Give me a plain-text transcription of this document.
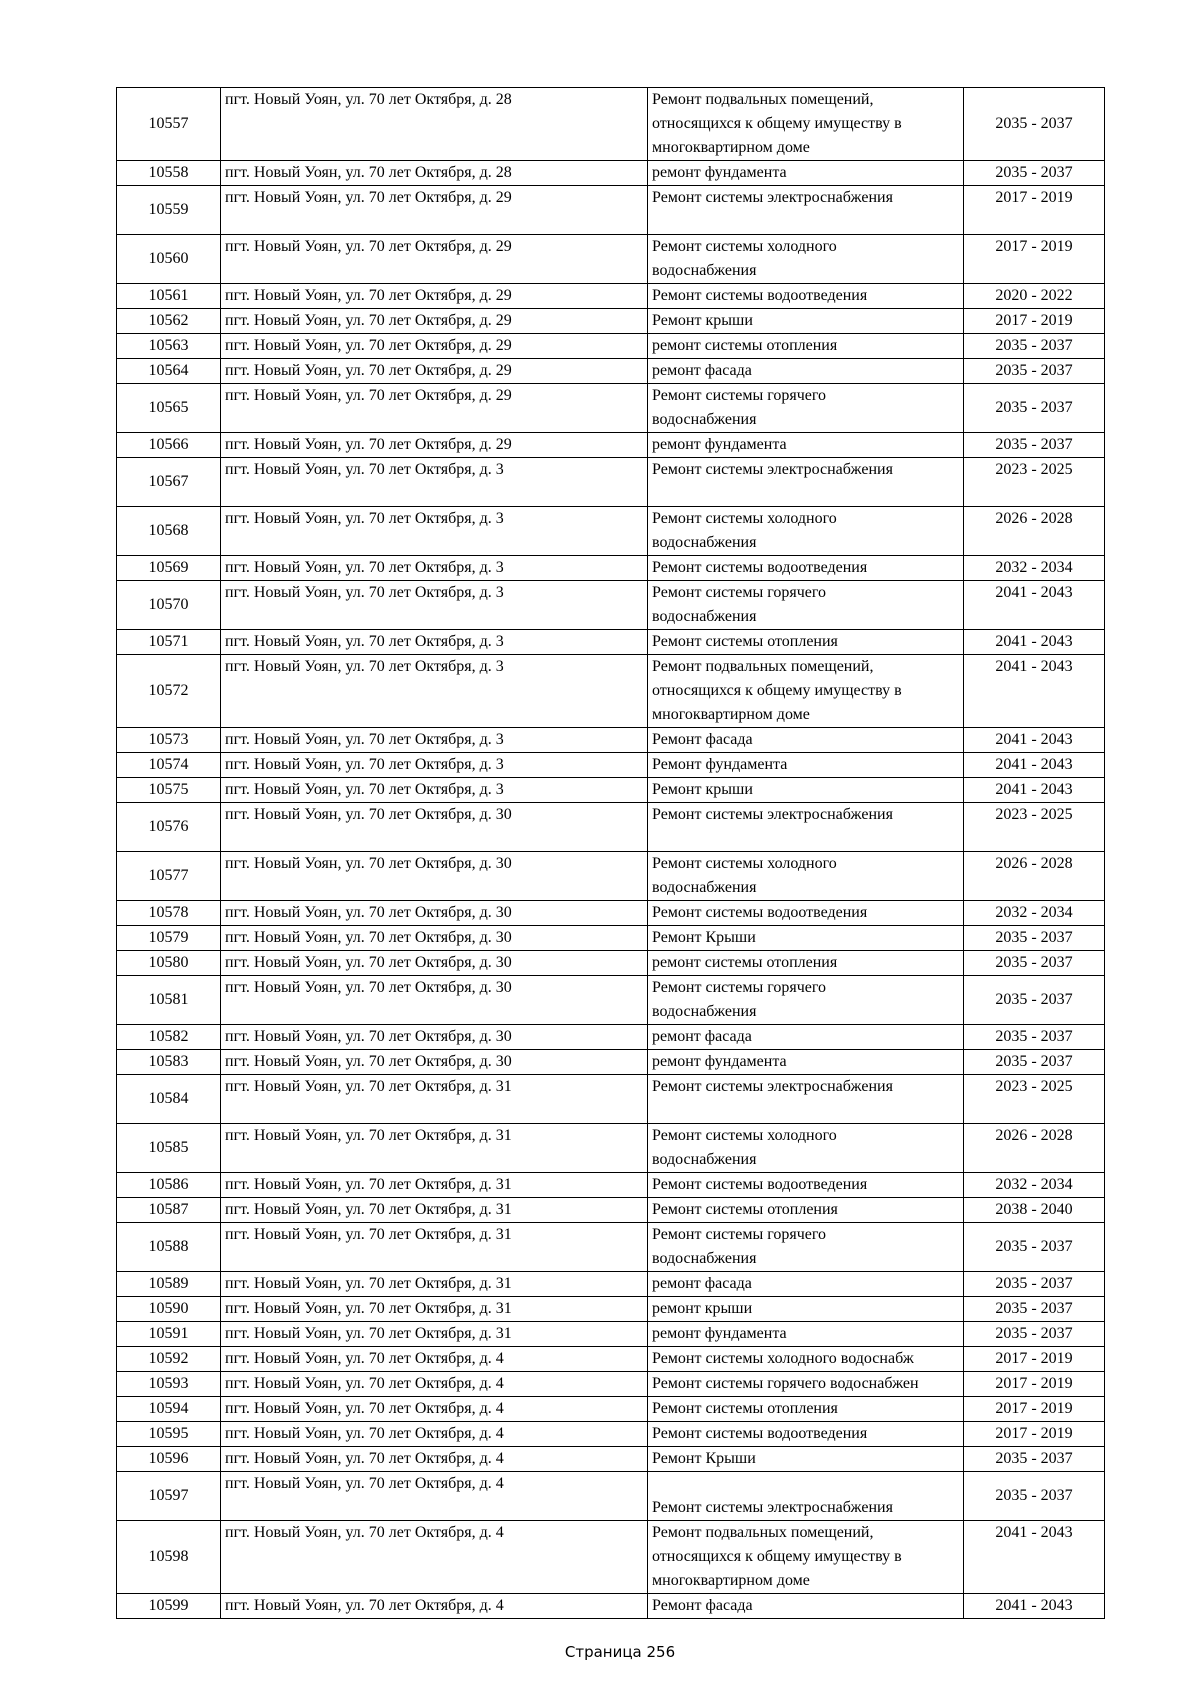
10557	пгт. Новый Уоян, ул. 70 лет Октября, д. 28	Ремонт подвальных помещений,
относящихся к общему имуществу в
многоквартирном доме	2035 - 2037
10558	пгт. Новый Уоян, ул. 70 лет Октября, д. 28	ремонт фундамента	2035 - 2037
10559	пгт. Новый Уоян, ул. 70 лет Октября, д. 29	Ремонт системы электроснабжения	2017 - 2019
10560	пгт. Новый Уоян, ул. 70 лет Октября, д. 29	Ремонт системы холодного
водоснабжения	2017 - 2019
10561	пгт. Новый Уоян, ул. 70 лет Октября, д. 29	Ремонт системы водоотведения	2020 - 2022
10562	пгт. Новый Уоян, ул. 70 лет Октября, д. 29	Ремонт крыши	2017 - 2019
10563	пгт. Новый Уоян, ул. 70 лет Октября, д. 29	ремонт системы отопления	2035 - 2037
10564	пгт. Новый Уоян, ул. 70 лет Октября, д. 29	ремонт фасада	2035 - 2037
10565	пгт. Новый Уоян, ул. 70 лет Октября, д. 29	Ремонт системы горячего
водоснабжения	2035 - 2037
10566	пгт. Новый Уоян, ул. 70 лет Октября, д. 29	ремонт фундамента	2035 - 2037
10567	пгт. Новый Уоян, ул. 70 лет Октября, д. 3	Ремонт системы электроснабжения	2023 - 2025
10568	пгт. Новый Уоян, ул. 70 лет Октября, д. 3	Ремонт системы холодного
водоснабжения	2026 - 2028
10569	пгт. Новый Уоян, ул. 70 лет Октября, д. 3	Ремонт системы водоотведения	2032 - 2034
10570	пгт. Новый Уоян, ул. 70 лет Октября, д. 3	Ремонт системы горячего
водоснабжения	2041 - 2043
10571	пгт. Новый Уоян, ул. 70 лет Октября, д. 3	Ремонт системы отопления	2041 - 2043
10572	пгт. Новый Уоян, ул. 70 лет Октября, д. 3	Ремонт подвальных помещений,
относящихся к общему имуществу в
многоквартирном доме	2041 - 2043
10573	пгт. Новый Уоян, ул. 70 лет Октября, д. 3	Ремонт фасада	2041 - 2043
10574	пгт. Новый Уоян, ул. 70 лет Октября, д. 3	Ремонт фундамента	2041 - 2043
10575	пгт. Новый Уоян, ул. 70 лет Октября, д. 3	Ремонт крыши	2041 - 2043
10576	пгт. Новый Уоян, ул. 70 лет Октября, д. 30	Ремонт системы электроснабжения	2023 - 2025
10577	пгт. Новый Уоян, ул. 70 лет Октября, д. 30	Ремонт системы холодного
водоснабжения	2026 - 2028
10578	пгт. Новый Уоян, ул. 70 лет Октября, д. 30	Ремонт системы водоотведения	2032 - 2034
10579	пгт. Новый Уоян, ул. 70 лет Октября, д. 30	Ремонт Крыши	2035 - 2037
10580	пгт. Новый Уоян, ул. 70 лет Октября, д. 30	ремонт системы отопления	2035 - 2037
10581	пгт. Новый Уоян, ул. 70 лет Октября, д. 30	Ремонт системы горячего
водоснабжения	2035 - 2037
10582	пгт. Новый Уоян, ул. 70 лет Октября, д. 30	ремонт фасада	2035 - 2037
10583	пгт. Новый Уоян, ул. 70 лет Октября, д. 30	ремонт фундамента	2035 - 2037
10584	пгт. Новый Уоян, ул. 70 лет Октября, д. 31	Ремонт системы электроснабжения	2023 - 2025
10585	пгт. Новый Уоян, ул. 70 лет Октября, д. 31	Ремонт системы холодного
водоснабжения	2026 - 2028
10586	пгт. Новый Уоян, ул. 70 лет Октября, д. 31	Ремонт системы водоотведения	2032 - 2034
10587	пгт. Новый Уоян, ул. 70 лет Октября, д. 31	Ремонт системы отопления	2038 - 2040
10588	пгт. Новый Уоян, ул. 70 лет Октября, д. 31	Ремонт системы горячего
водоснабжения	2035 - 2037
10589	пгт. Новый Уоян, ул. 70 лет Октября, д. 31	ремонт фасада	2035 - 2037
10590	пгт. Новый Уоян, ул. 70 лет Октября, д. 31	ремонт крыши	2035 - 2037
10591	пгт. Новый Уоян, ул. 70 лет Октября, д. 31	ремонт фундамента	2035 - 2037
10592	пгт. Новый Уоян, ул. 70 лет Октября, д. 4	Ремонт системы холодного водоснабж	2017 - 2019
10593	пгт. Новый Уоян, ул. 70 лет Октября, д. 4	Ремонт системы горячего водоснабжен	2017 - 2019
10594	пгт. Новый Уоян, ул. 70 лет Октября, д. 4	Ремонт системы отопления	2017 - 2019
10595	пгт. Новый Уоян, ул. 70 лет Октября, д. 4	Ремонт системы водоотведения	2017 - 2019
10596	пгт. Новый Уоян, ул. 70 лет Октября, д. 4	Ремонт Крыши	2035 - 2037
10597	пгт. Новый Уоян, ул. 70 лет Октября, д. 4	Ремонт системы электроснабжения	2035 - 2037
10598	пгт. Новый Уоян, ул. 70 лет Октября, д. 4	Ремонт подвальных помещений,
относящихся к общему имуществу в
многоквартирном доме	2041 - 2043
10599	пгт. Новый Уоян, ул. 70 лет Октября, д. 4	Ремонт фасада	2041 - 2043
Страница 256
